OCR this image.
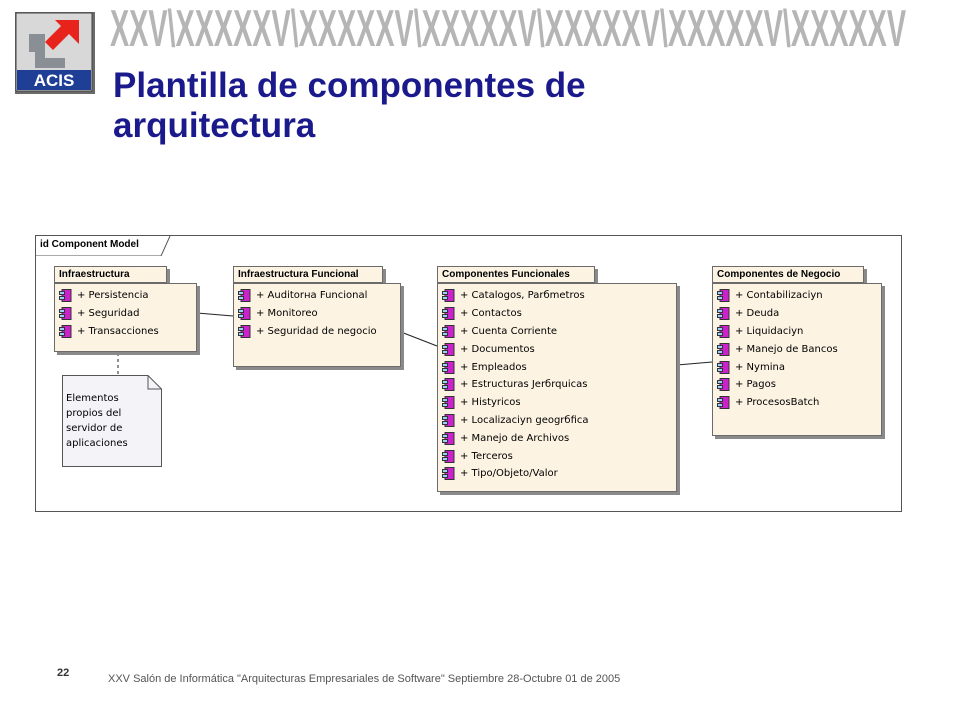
ACIS
XXV\XXXXXV\XXXXXV\XXXXXV\XXXXXV\XXXXXV\XXXXXV
Plantilla de componentes de
arquitectura
id Component Model
Infraestructura
+ Persistencia
+ Seguridad
+ Transacciones
Infraestructura Funcional
+ Auditorнa Funcional
+ Monitoreo
+ Seguridad de negocio
Componentes Funcionales
+ Catalogos, Parбmetros
+ Contactos
+ Cuenta Corriente
+ Documentos
+ Empleados
+ Estructuras Jerбrquicas
+ Histуricos
+ Localizaciуn geogrбfica
+ Manejo de Archivos
+ Terceros
+ Tipo/Objeto/Valor
Componentes de Negocio
+ Contabilizaciуn
+ Deuda
+ Liquidaciуn
+ Manejo de Bancos
+ Nуmina
+ Pagos
+ ProcesosBatch
Elementos
propios del
servidor de
aplicaciones
22	XXV Salón de Informática "Arquitecturas Empresariales de Software" Septiembre 28-Octubre 01 de 2005
